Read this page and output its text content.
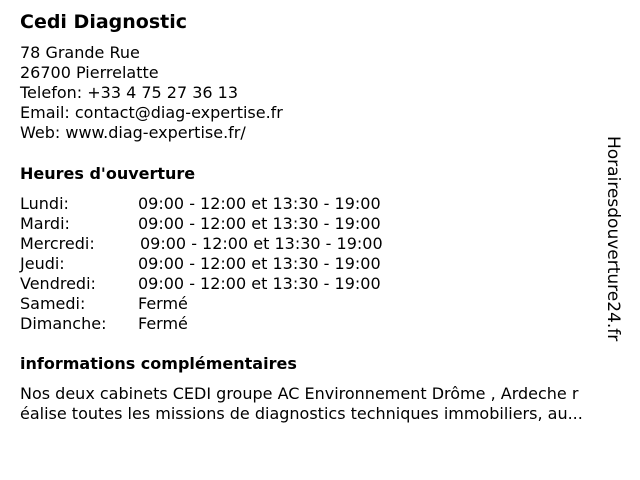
Cedi Diagnostic
78 Grande Rue
26700 Pierrelatte
Telefon: +33 4 75 27 36 13
Email: contact@diag-expertise.fr
Web: www.diag-expertise.fr/
Heures d'ouverture
Lundi:	09:00 - 12:00 et 13:30 - 19:00
Mardi:	09:00 - 12:00 et 13:30 - 19:00
Mercredi:	09:00 - 12:00 et 13:30 - 19:00
Jeudi:	09:00 - 12:00 et 13:30 - 19:00
Vendredi:	09:00 - 12:00 et 13:30 - 19:00
Samedi:	Fermé
Dimanche: Fermé
informations complémentaires
Nos deux cabinets CEDI groupe AC Environnement Drôme , Ardeche r
éalise toutes les missions de diagnostics techniques immobiliers, au...
Horairesdouverture24.fr
